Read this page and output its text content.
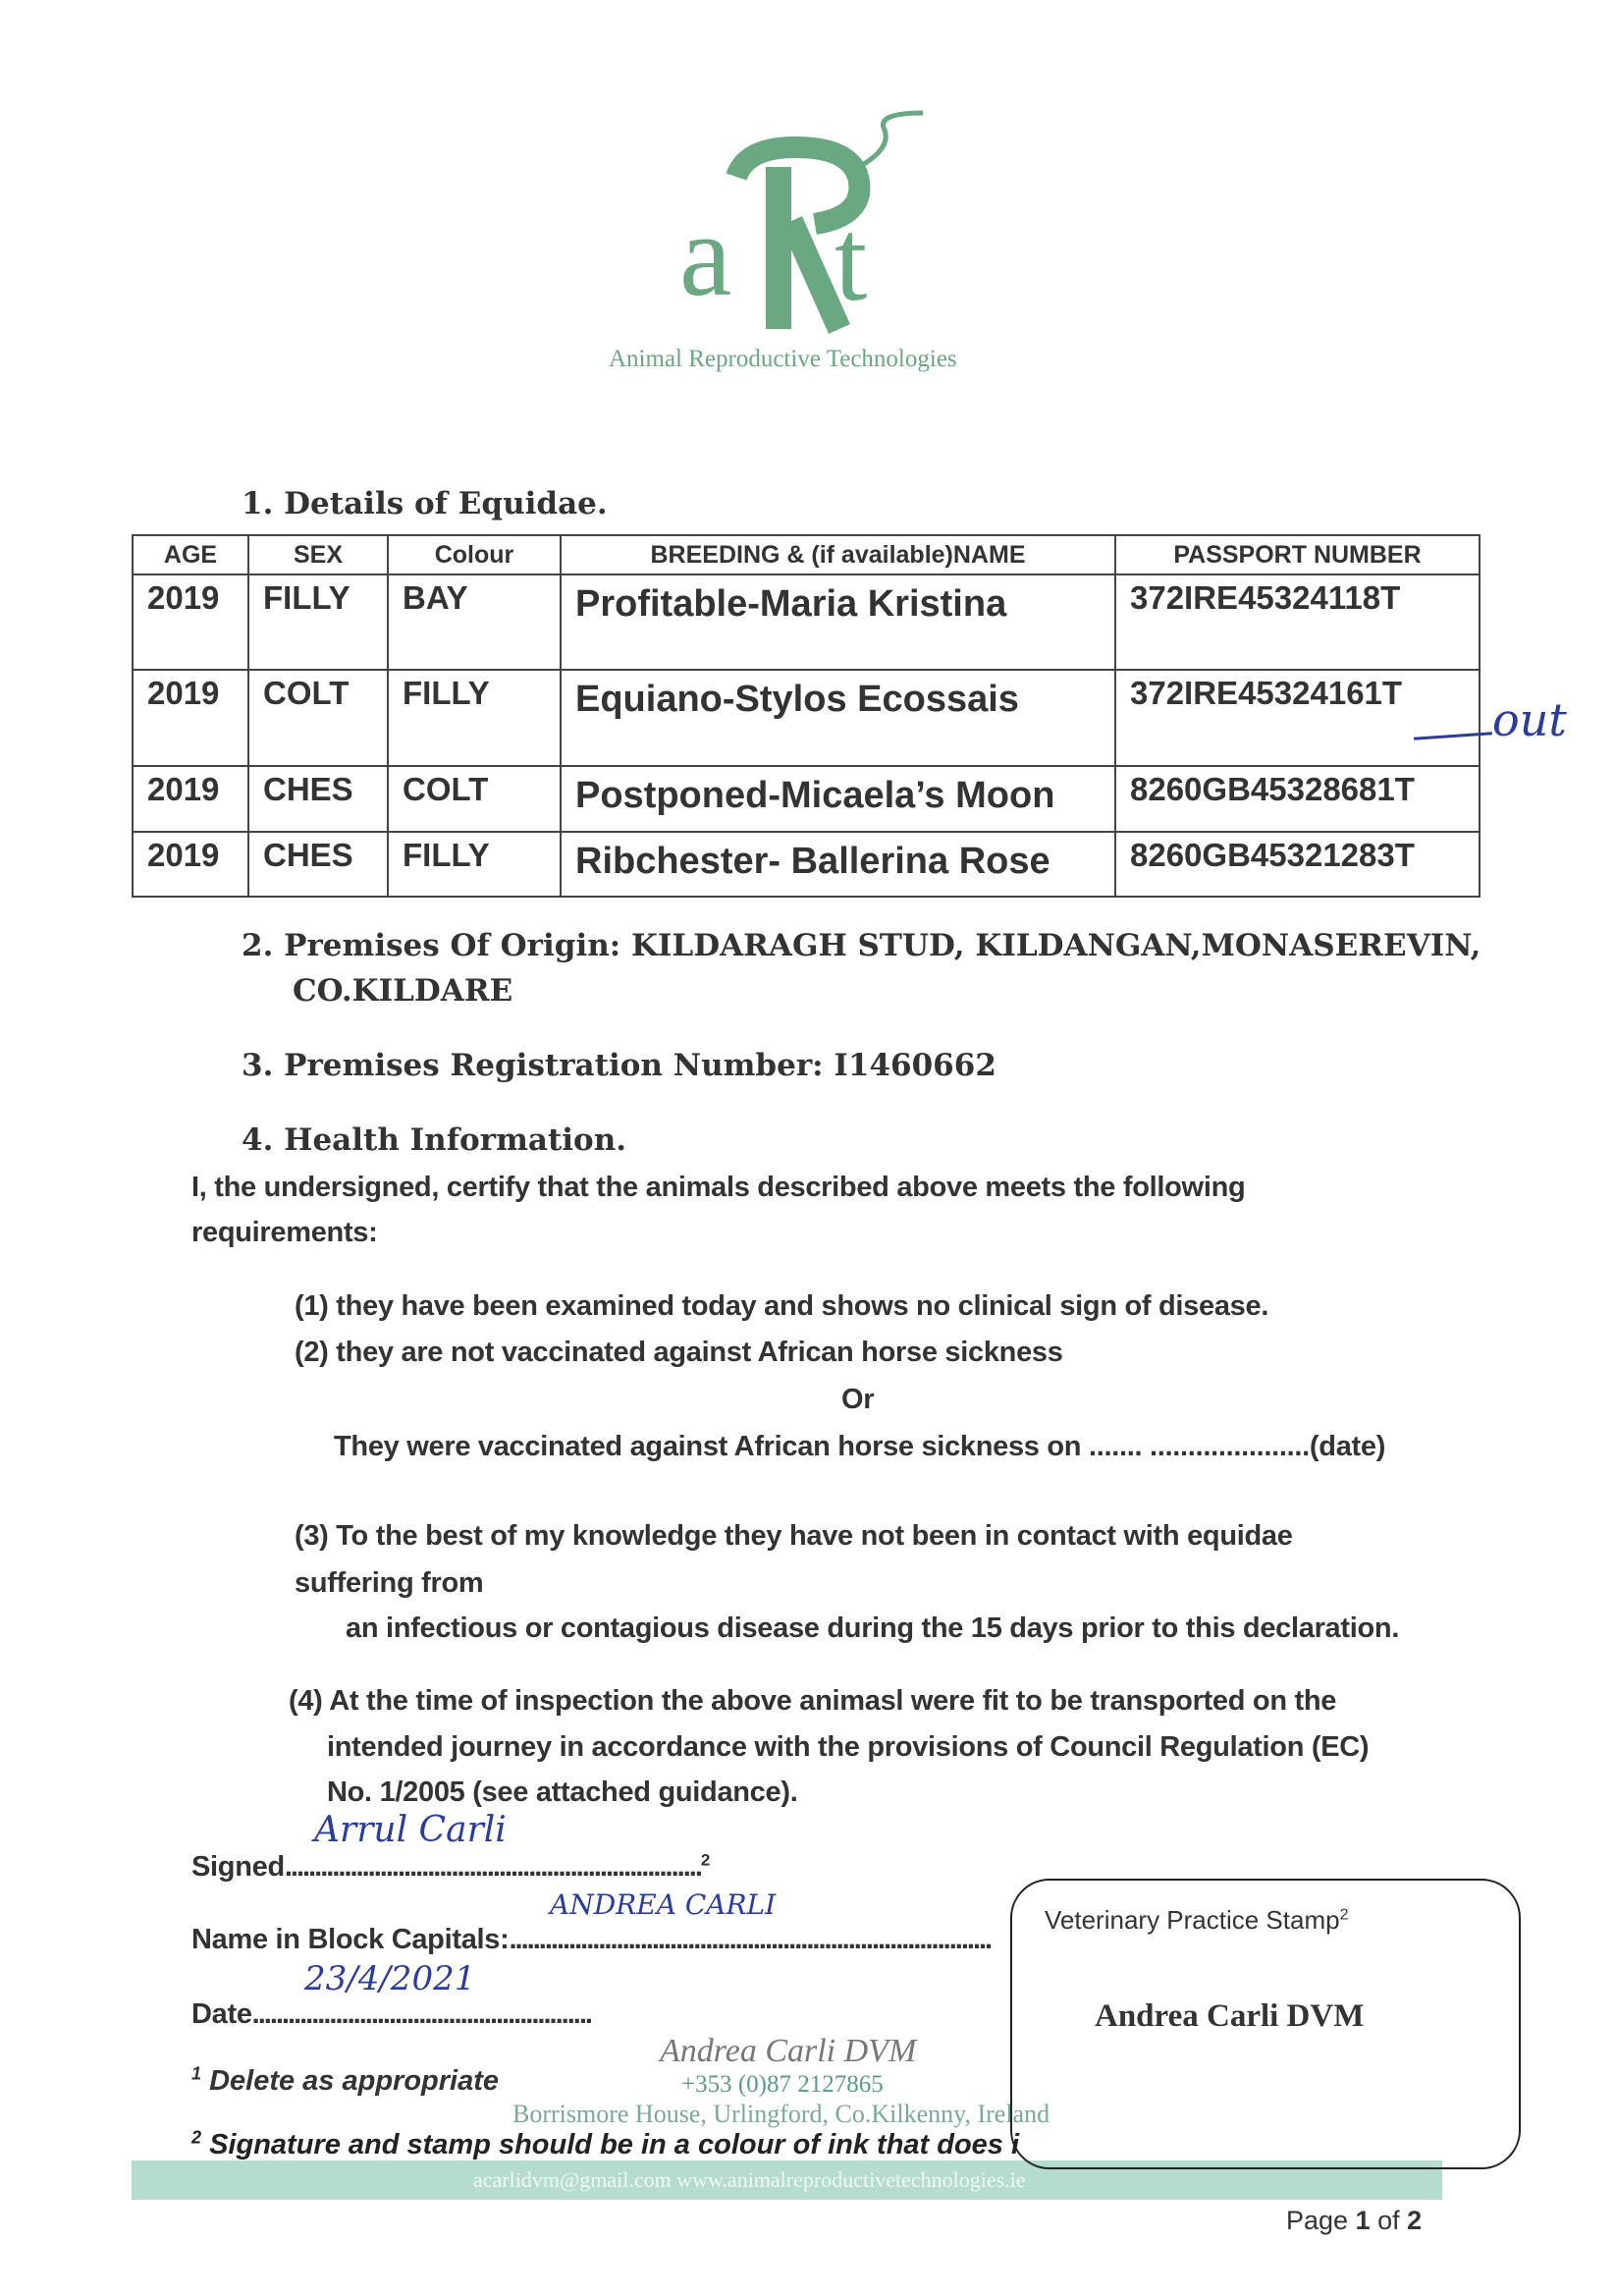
a t
Animal Reproductive Technologies
1. Details of Equidae.
AGE	SEX	Colour	BREEDING & (if available)NAME	PASSPORT NUMBER
2019	FILLY	BAY	Profitable-Maria Kristina	372IRE45324118T
2019	COLT	FILLY	Equiano-Stylos Ecossais	372IRE45324161T
2019	CHES	COLT	Postponed-Micaela’s Moon	8260GB45328681T
2019	CHES	FILLY	Ribchester- Ballerina Rose	8260GB45321283T
out
2. Premises Of Origin: KILDARAGH STUD, KILDANGAN,MONASEREVIN,
CO.KILDARE
3. Premises Registration Number: I1460662
4. Health Information.
I, the undersigned, certify that the animals described above meets the following
requirements:
(1) they have been examined today and shows no clinical sign of disease.
(2) they are not vaccinated against African horse sickness
Or
They were vaccinated against African horse sickness on ....... .....................(date)
(3) To the best of my knowledge they have not been in contact with equidae
suffering from
an infectious or contagious disease during the 15 days prior to this declaration.
(4) At the time of inspection the above animasl were fit to be transported on the
intended journey in accordance with the provisions of Council Regulation (EC)
No. 1/2005 (see attached guidance).
Arrul Carli
Signed......................................................................$^2$
ANDREA CARLI
Name in Block Capitals:.................................................................................
23/4/2021
Date.........................................................
Andrea Carli DVM
+353 (0)87 2127865
$^1$ Delete as appropriate
Borrismore House, Urlingford, Co.Kilkenny, Ireland
$^2$ Signature and stamp should be in a colour of ink that does i
acarlidvm@gmail.com www.animalreproductivetechnologies.ie
Veterinary Practice Stamp$^2$
Andrea Carli DVM
Page 1 of 2
